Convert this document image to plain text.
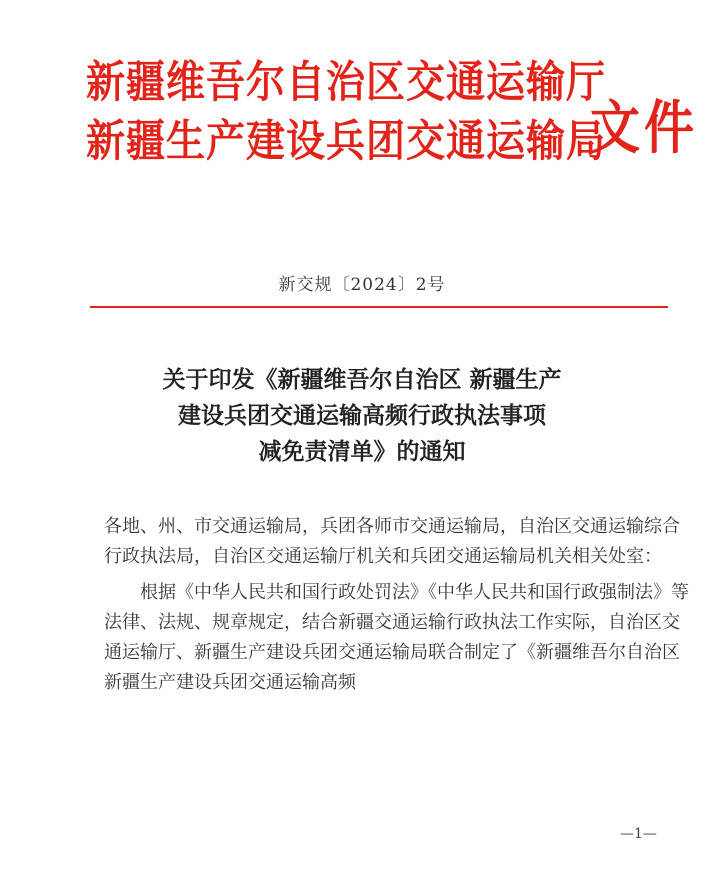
新疆维吾尔自治区交通运输厅
新疆生产建设兵团交通运输局
文件
新交规〔2024〕2号
关于印发《新疆维吾尔自治区 新疆生产
建设兵团交通运输高频行政执法事项
减免责清单》的通知

各地、州、市交通运输局，兵团各师市交通运输局，自治区交通运输综合行政执法局，自治区交通运输厅机关和兵团交通运输局机关相关处室：

根据《中华人民共和国行政处罚法》《中华人民共和国行政强制法》等法律、法规、规章规定，结合新疆交通运输行政执法工作实际，自治区交通运输厅、新疆生产建设兵团交通运输局联合制定了《新疆维吾尔自治区 新疆生产建设兵团交通运输高频

—1—
